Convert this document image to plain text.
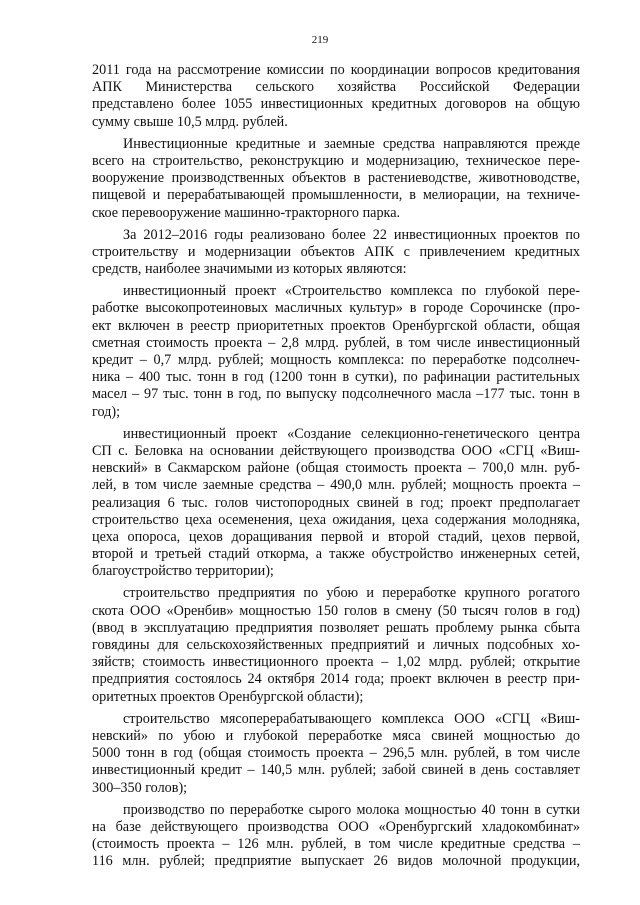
219
2011 года на рассмотрение комиссии по координации вопросов кредитования
АПК Министерства сельского хозяйства Российской Федерации
представлено более 1055 инвестиционных кредитных договоров на общую
сумму свыше 10,5 млрд. рублей.
Инвестиционные кредитные и заемные средства направляются прежде
всего на строительство, реконструкцию и модернизацию, техническое пере-
вооружение производственных объектов в растениеводстве, животноводстве,
пищевой и перерабатывающей промышленности, в мелиорации, на техниче-
ское перевооружение машинно-тракторного парка.
За 2012–2016 годы реализовано более 22 инвестиционных проектов по
строительству и модернизации объектов АПК с привлечением кредитных
средств, наиболее значимыми из которых являются:
инвестиционный проект «Строительство комплекса по глубокой пере-
работке высокопротеиновых масличных культур» в городе Сорочинске (про-
ект включен в реестр приоритетных проектов Оренбургской области, общая
сметная стоимость проекта – 2,8 млрд. рублей, в том числе инвестиционный
кредит – 0,7 млрд. рублей; мощность комплекса: по переработке подсолнеч-
ника – 400 тыс. тонн в год (1200 тонн в сутки), по рафинации растительных
масел – 97 тыс. тонн в год, по выпуску подсолнечного масла –177 тыс. тонн в
год);
инвестиционный проект «Создание селекционно-генетического центра
СП с. Беловка на основании действующего производства ООО «СГЦ «Виш-
невский» в Сакмарском районе (общая стоимость проекта – 700,0 млн. руб-
лей, в том числе заемные средства – 490,0 млн. рублей; мощность проекта –
реализация 6 тыс. голов чистопородных свиней в год; проект предполагает
строительство цеха осеменения, цеха ожидания, цеха содержания молодняка,
цеха опороса, цехов доращивания первой и второй стадий, цехов первой,
второй и третьей стадий откорма, а также обустройство инженерных сетей,
благоустройство территории);
строительство предприятия по убою и переработке крупного рогатого
скота ООО «Оренбив» мощностью 150 голов в смену (50 тысяч голов в год)
(ввод в эксплуатацию предприятия позволяет решать проблему рынка сбыта
говядины для сельскохозяйственных предприятий и личных подсобных хо-
зяйств; стоимость инвестиционного проекта – 1,02 млрд. рублей; открытие
предприятия состоялось 24 октября 2014 года; проект включен в реестр при-
оритетных проектов Оренбургской области);
строительство мясоперерабатывающего комплекса ООО «СГЦ «Виш-
невский» по убою и глубокой переработке мяса свиней мощностью до
5000 тонн в год (общая стоимость проекта – 296,5 млн. рублей, в том числе
инвестиционный кредит – 140,5 млн. рублей; забой свиней в день составляет
300–350 голов);
производство по переработке сырого молока мощностью 40 тонн в сутки
на базе действующего производства ООО «Оренбургский хладокомбинат»
(стоимость проекта – 126 млн. рублей, в том числе кредитные средства –
116 млн. рублей; предприятие выпускает 26 видов молочной продукции,
